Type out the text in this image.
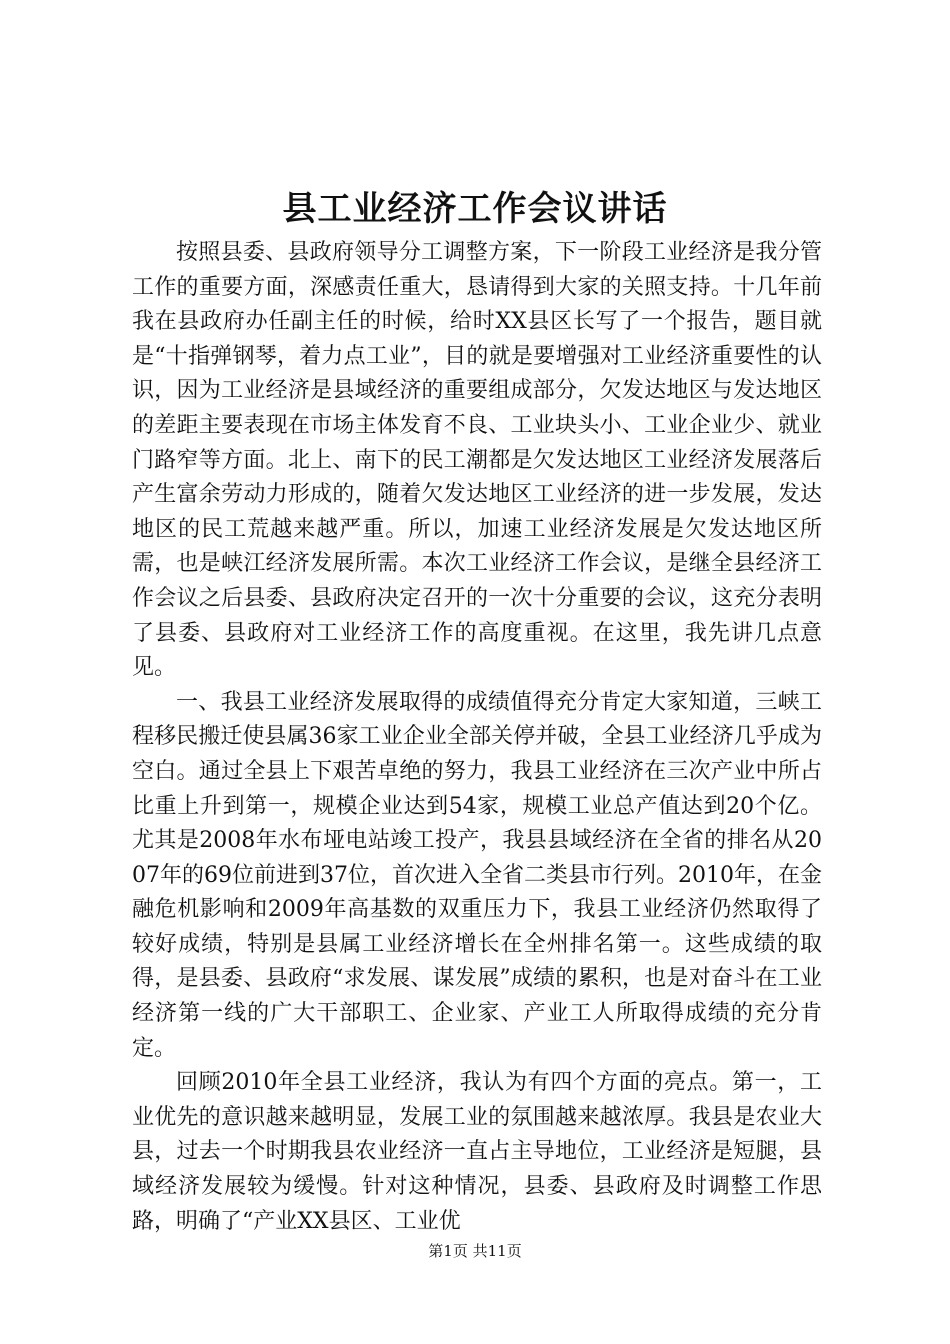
县工业经济工作会议讲话

按照县委、县政府领导分工调整方案，下一阶段工业经济是我分管工作的重要方面，深感责任重大，恳请得到大家的关照支持。十几年前我在县政府办任副主任的时候，给时XX县区长写了一个报告，题目就是“十指弹钢琴，着力点工业”，目的就是要增强对工业经济重要性的认识，因为工业经济是县域经济的重要组成部分，欠发达地区与发达地区的差距主要表现在市场主体发育不良、工业块头小、工业企业少、就业门路窄等方面。北上、南下的民工潮都是欠发达地区工业经济发展落后产生富余劳动力形成的，随着欠发达地区工业经济的进一步发展，发达地区的民工荒越来越严重。所以，加速工业经济发展是欠发达地区所需，也是峡江经济发展所需。本次工业经济工作会议，是继全县经济工作会议之后县委、县政府决定召开的一次十分重要的会议，这充分表明了县委、县政府对工业经济工作的高度重视。在这里，我先讲几点意见。

一、我县工业经济发展取得的成绩值得充分肯定大家知道，三峡工程移民搬迁使县属36家工业企业全部关停并破，全县工业经济几乎成为空白。通过全县上下艰苦卓绝的努力，我县工业经济在三次产业中所占比重上升到第一，规模企业达到54家，规模工业总产值达到20个亿。尤其是2008年水布垭电站竣工投产，我县县域经济在全省的排名从2007年的69位前进到37位，首次进入全省二类县市行列。2010年，在金融危机影响和2009年高基数的双重压力下，我县工业经济仍然取得了较好成绩，特别是县属工业经济增长在全州排名第一。这些成绩的取得，是县委、县政府“求发展、谋发展”成绩的累积，也是对奋斗在工业经济第一线的广大干部职工、企业家、产业工人所取得成绩的充分肯定。

回顾2010年全县工业经济，我认为有四个方面的亮点。第一，工业优先的意识越来越明显，发展工业的氛围越来越浓厚。我县是农业大县，过去一个时期我县农业经济一直占主导地位，工业经济是短腿，县域经济发展较为缓慢。针对这种情况，县委、县政府及时调整工作思路，明确了“产业XX县区、工业优

第1页 共11页
